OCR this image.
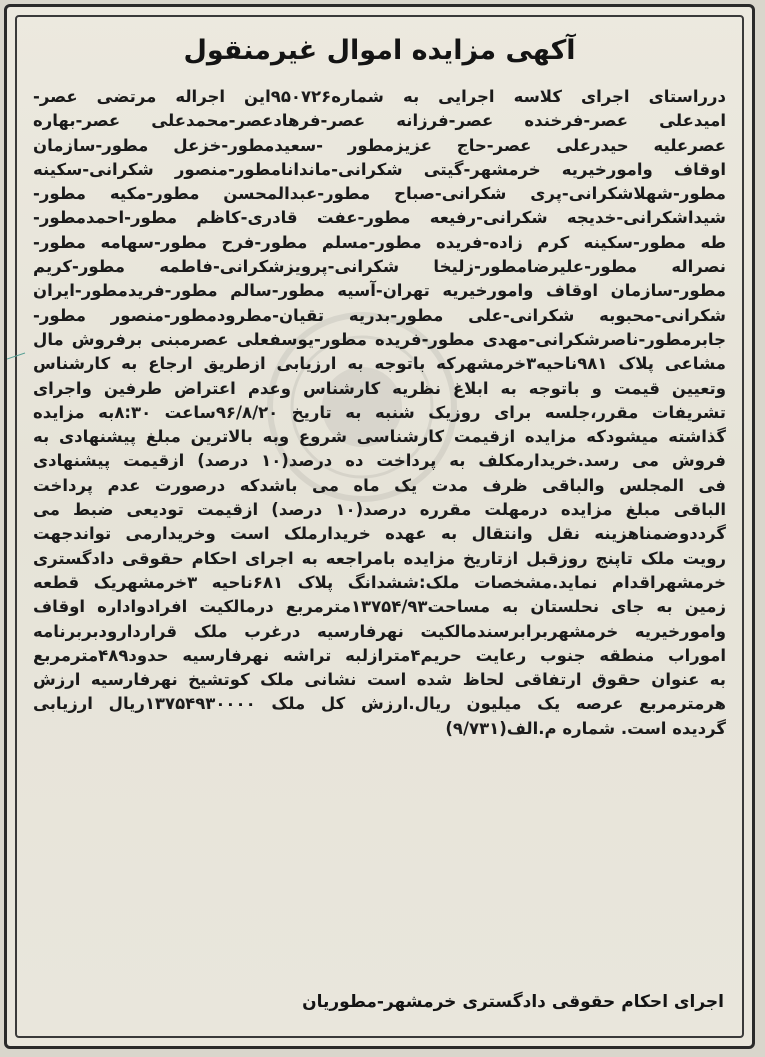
آکهی مزایده اموال غیرمنقول
درراستای اجرای کلاسه اجرایی به شماره۹۵۰۷۲۶این اجراله مرتضی عصر-
امیدعلی عصر-فرخنده عصر-فرزانه عصر-فرهادعصر-محمدعلی عصر-بهاره
عصرعلیه حیدرعلی عصر-حاج عزیزمطور -سعیدمطور-خزعل مطور-سازمان
اوقاف وامورخیریه خرمشهر-گیتی شکرانی-ماندانامطور-منصور شکرانی-سکینه
مطور-شهلاشکرانی-پری شکرانی-صباح مطور-عبدالمحسن مطور-مکیه مطور-
شیداشکرانی-خدیجه شکرانی-رفیعه مطور-عفت قادری-کاظم مطور-احمدمطور-
طه مطور-سکینه کرم زاده-فریده مطور-مسلم مطور-فرح مطور-سهامه مطور-
نصراله مطور-علیرضامطور-زلیخا شکرانی-پرویزشکرانی-فاطمه مطور-کریم
مطور-سازمان اوقاف وامورخیریه تهران-آسیه مطور-سالم مطور-فریدمطور-ایران
شکرانی-محبوبه شکرانی-علی مطور-بدریه تقیان-مطرودمطور-منصور مطور-
جابرمطور-ناصرشکرانی-مهدی مطور-فریده مطور-یوسفعلی عصرمبنی برفروش مال
مشاعی پلاک ۹۸۱ناحیه۳خرمشهرکه باتوجه به ارزیابی ازطریق ارجاع به کارشناس
وتعیین قیمت و باتوجه به ابلاغ نظریه کارشناس وعدم اعتراض طرفین واجرای
تشریفات مقرر،جلسه برای روزیک شنبه به تاریخ ۹۶/۸/۲۰ساعت ۸:۳۰به مزایده
گذاشته میشودکه مزایده ازقیمت کارشناسی شروع وبه بالاترین مبلغ پیشنهادی به
فروش می رسد.خریدارمکلف به پرداخت ده درصد(۱۰ درصد) ازقیمت پیشنهادی
فی المجلس والباقی ظرف مدت یک ماه می باشدکه درصورت عدم پرداخت
الباقی مبلغ مزایده درمهلت مقرره درصد(۱۰ درصد) ازقیمت تودیعی ضبط می
گرددوضمناهزینه نقل وانتقال به عهده خریدارملک است وخریدارمی تواندجهت
رویت ملک تاپنج روزقبل ازتاریخ مزایده بامراجعه به اجرای احکام حقوقی دادگستری
خرمشهراقدام نماید.مشخصات ملک:ششدانگ پلاک ۶۸۱ناحیه ۳خرمشهریک قطعه
زمین به جای نحلستان به مساحت۱۳۷۵۴/۹۳مترمربع درمالکیت افرادواداره اوقاف
وامورخیریه خرمشهربرابرسندمالکیت نهرفارسیه درغرب ملک قراردارودبربرنامه
اموراب منطقه جنوب رعایت حریم۴مترازلبه تراشه نهرفارسیه حدود۴۸۹مترمربع
به عنوان حقوق ارتفاقی لحاظ شده است نشانی ملک کوتشیخ نهرفارسیه ارزش
هرمترمربع عرصه یک میلیون ریال.ارزش کل ملک ۱۳۷۵۴۹۳۰۰۰۰ریال ارزیابی
گردیده است. شماره م.الف(۹/۷۳۱)
اجرای احکام حقوقی دادگستری خرمشهر-مطوریان
